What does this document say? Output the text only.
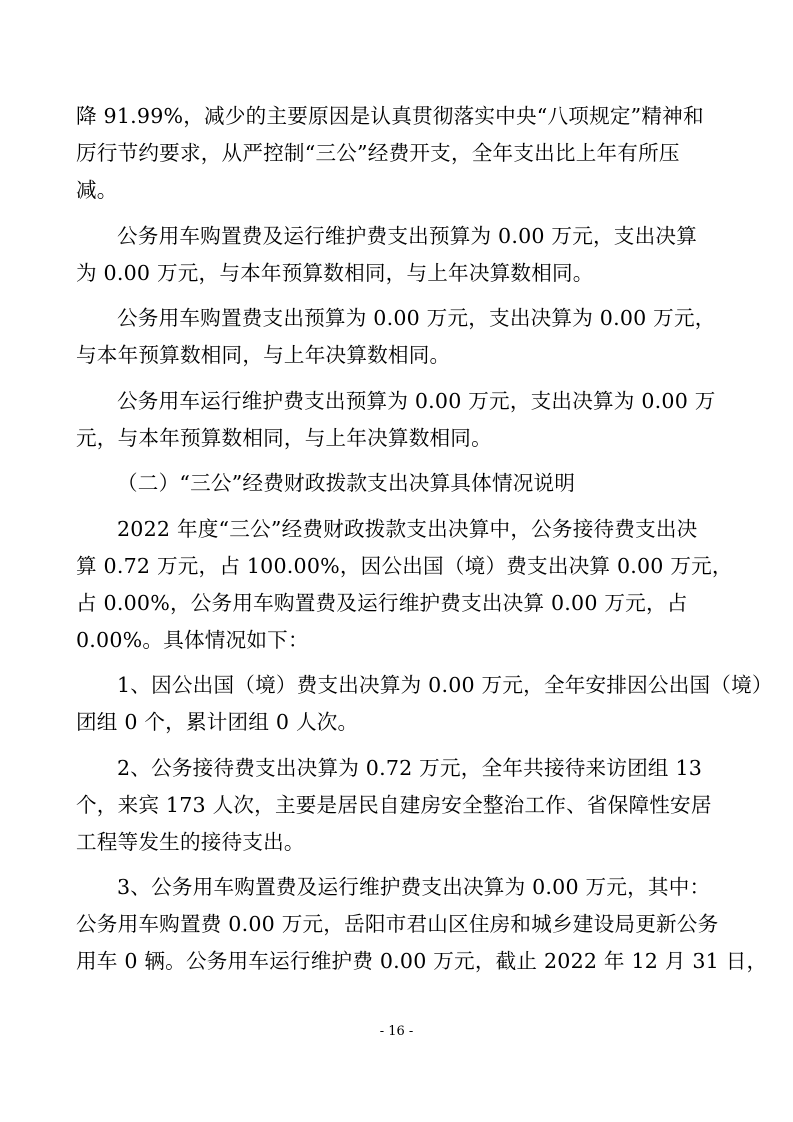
降 91.99%，减少的主要原因是认真贯彻落实中央“八项规定”精神和
厉行节约要求，从严控制“三公”经费开支，全年支出比上年有所压
减。
公务用车购置费及运行维护费支出预算为 0.00 万元，支出决算
为 0.00 万元，与本年预算数相同，与上年决算数相同。
公务用车购置费支出预算为 0.00 万元，支出决算为 0.00 万元，
与本年预算数相同，与上年决算数相同。
公务用车运行维护费支出预算为 0.00 万元，支出决算为 0.00 万
元，与本年预算数相同，与上年决算数相同。
（二）“三公”经费财政拨款支出决算具体情况说明
2022 年度“三公”经费财政拨款支出决算中，公务接待费支出决
算 0.72 万元，占 100.00%，因公出国（境）费支出决算 0.00 万元，
占 0.00%，公务用车购置费及运行维护费支出决算 0.00 万元，占
0.00%。具体情况如下：
1、因公出国（境）费支出决算为 0.00 万元，全年安排因公出国（境）
团组 0 个，累计团组 0 人次。
2、公务接待费支出决算为 0.72 万元，全年共接待来访团组 13
个，来宾 173 人次，主要是居民自建房安全整治工作、省保障性安居
工程等发生的接待支出。
3、公务用车购置费及运行维护费支出决算为 0.00 万元，其中：
公务用车购置费 0.00 万元，岳阳市君山区住房和城乡建设局更新公务
用车 0 辆。公务用车运行维护费 0.00 万元，截止 2022 年 12 月 31 日，
- 16 -
